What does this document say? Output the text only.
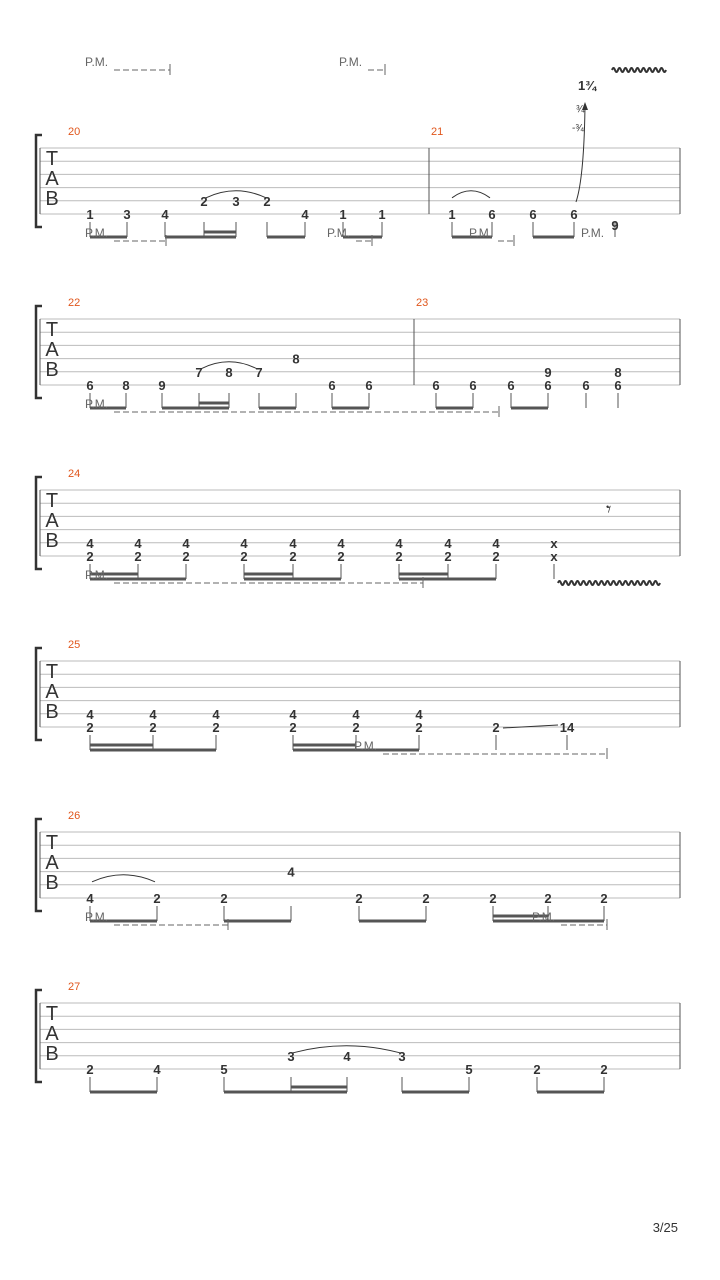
T
A
B
20	21
P.M.	P.M.
1 3 4
2 3 2
4 1 1	1	6	6	6
9
T
A
B
22	23
P.M.	P.M.	P.M.	P.M.
6 8 9
7 8 7
8
6 6	6 6 6
9
6 6
8
6
T
A
B
24
P.M.
4
2
4
2
4
2
4
2
4
2
4
2
4
2
4
2
4
2
x
x
T
A
B
25
P.M.
4
2
4
2
4
2
4
2
4
2
4
2	2	14
T
A
B
26
P.M.
4	2	2
4
2	2	2	2	2
T
A
B
27
P.M.	P.M.
2	4	5
3	4	3
5	2	2
1¾
¾
-¾
𝄾
3/25
